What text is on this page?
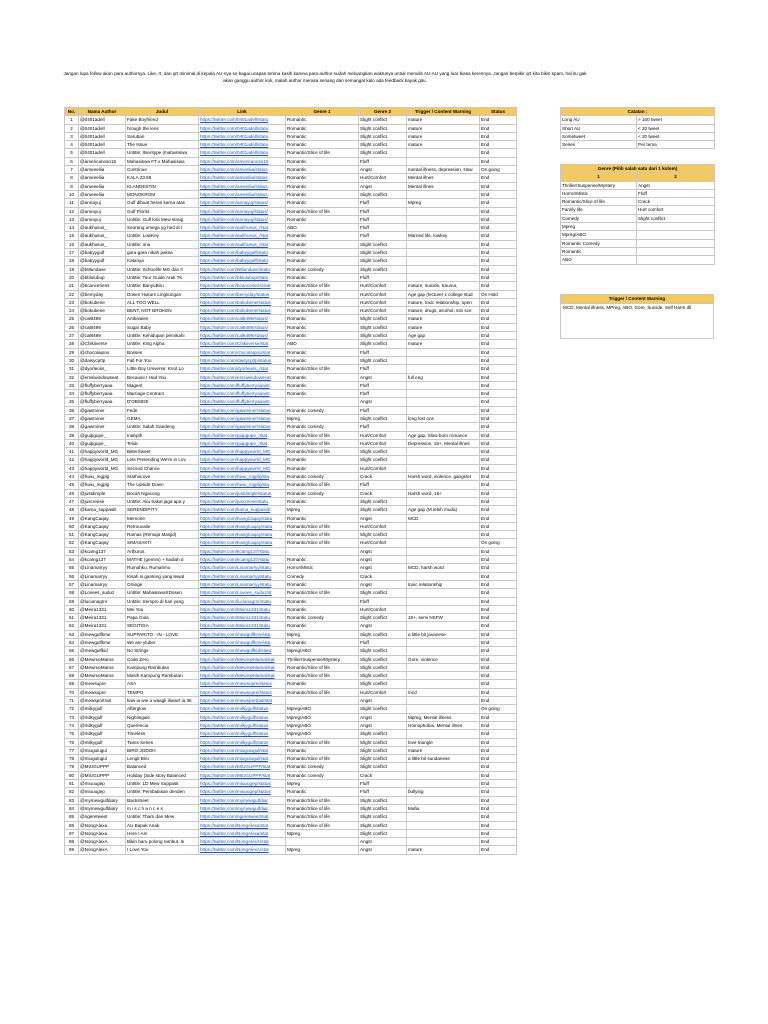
Jangan lupa follow akun para authornya. Like, rt, dan qrt minimal di kepala AU-nya se bagai ucapan terima kasih karena para author sudah meluangkan waktunya untuk menulis AU-AU yang luar biasa kerennya. Jangan berpikir qrt kita bikin spam, hal itu gak akan ganggu author kok, malah author merasa senang dan semangat kalo ada feedback kayak gitu.
No.	Nama Author	Judul	Link	Genre 1	Genre 2	Trigger / Content Warning	Status
1	@0401adell	Fake Boyfriend	https://twitter.com/0401adell/statu	Romantic	Slight conflict	mature	End
2	@0401adell	hrough the lens	https://twitter.com/0401adell/statu	Romantic	Slight conflict	mature	End
3	@0401adell	Sarubari	https://twitter.com/0401adell/statu	Romantic	Slight conflict	mature	End
4	@0401adell	The Issue	https://twitter.com/0401adell/statu	Romantic	Slight conflict	mature	End
5	@0401adell	Untitle: Itsentype (mahasiswa	https://twitter.com/0401adell/statu	Romantic/Slice of life	Slight conflict		End
6	@americanoso15	Mahasiswa FT x Mahasiswa	https://twitter.com/americanoso15	Romantic	Fluff		End
7	@ameeeliia	Contrinue	https://twitter.com/ameeliia/status	Romantic	Angst	mental illness, depression, slow	On going
8	@ameeeliia	KALA 23.59	https://twitter.com/ameeliia/status	Romantic	Hurt/Comfort	Mental illnes	End
9	@ameeeliia	KLANDESTIN	https://twitter.com/ameeliia/status	Romantic	Angst	Mental illnes	End
10	@ameeeliia	MONOKROM	https://twitter.com/ameeliia/status	Romantic	Slight conflict		End
11	@annayuj	Gulf dibuat heran karna atas	https://twitter.com/annayuj/status/	Romantic	Fluff	Mpreg	End
12	@annayuj	Gulf Florist	https://twitter.com/annayuj/status/	Romantic/Slice of life	Fluff		End
13	@annayuj	Untitle: Gulf kira Mew straig	https://twitter.com/annayuj/status/	Romantic	Fluff		End
14	@aukhusus_	Seorang omega yg hed di t	https://twitter.com/aukhusus_/stat	ABO	Fluff		End
15	@aukhusus_	Untitle: LowKey	https://twitter.com/aukhusus_/stat	Romantic	Fluff	Married life, lowkey	End
16	@aukhusus_	Untitle: ona	https://twitter.com/aukhusus_/stat	Romantic	Slight conflict		End
17	@babyygulf	gara-gara nikah paksa	https://twitter.com/babyygulf/statu	Romantic	Slight conflict		End
18	@babyygulf	Katanya	https://twitter.com/babyygulf/statu	Romantic	Slight conflict		End
19	@b8lundave	Untitle: Schoolife MG dan Il	https://twitter.com/B8lundave/statu	Romantic comedy	Slight conflict		End
20	@bblulubup	Untitle: Tour Guide Arak TK	https://twitter.com/bblulubup/statu	Romantic	Fluff		End
21	@bcanceriens	Untitle: BanyuBiru	https://twitter.com/bcanceriens/stat	Romantic/Slice of life	Hurt/Comfort	mature, suicide, trauma,	End
22	@bemyday	Dosen Hukum Lingkungan	https://twitter.com/bemyday/status	Romantic/Slice of life	Hurt/Comfort	Age gap (lecturer x college stud	On Hold
23	@bokubene	ALL TOO WELL	https://twitter.com/bokubene/status	Romantic/Slice of life	Hurt/Comfort	mature, toxic relationship, open	End
24	@bokubene	BENT, NOT BROKEN	https://twitter.com/bokubene/status	Romantic/Slice of life	Hurt/Comfort	mature, drugs, alcohol, s3x sce	End
25	@cal8499	Ambivalen	https://twitter.com/cal8499/status/	Romantic	Slight conflict	mature	End
26	@cal8499	Sugar Baby	https://twitter.com/cal8499/status/	Romantic	Slight conflict	mature	End
27	@cal8499	Untitle: Kehidupan pernikahi	https://twitter.com/cal8499/status/	Romantic	Slight conflict	Age gap	End
28	@Chikiiverse	Untitle: King Alpha	https://twitter.com/Chikiiverse/stat	ABO	Slight conflict	mature	End
29	@chocolaipoo	Bosses	https://twitter.com/chocolaipoo/stat	Romantic	Fluff		End
30	@daisycp0p	Fall For You	https://twitter.com/daisycp0p/status	Romantic	Slight conflict		End
31	@dyorleuss_	Little Boy Universe: Knot Lo	https://twitter.com/dyorleuss_/stat	Romantic/Slice of life	Fluff		End
32	@emsiwindowseat	Because I Had You	https://twitter.com/emsiwindowseat	Romantic	Angst	full eng	End
33	@fluffyberryaaa	Magent	https://twitter.com/fluffyberryaaa/st	Romantic	Fluff		End
34	@fluffyberryaaa	Marriage Contract	https://twitter.com/fluffyberryaaa/st	Romantic	Fluff		End
35	@fluffyberryaaa	D'OBSIDE	https://twitter.com/fluffyberryaaa/st		Angst		End
36	@gawminer	Fede	https://twitter.com/gawminer/status	Romantic comedy	Fluff		End
37	@gawminer	GEMA	https://twitter.com/gawminer/status	Mpreg	Slight conflict	long lost ons	End
38	@gawminer	Untitle: Salah Gandeng	https://twitter.com/gawminer/status	Romantic comedy	Fluff		End
39	@guipgupe_	Indepth	https://twitter.com/guipgupe_/stat	Romantic/Slice of life	Hurt/Comfort	Age gap, Slow burn romance	End
40	@guipgupe_	Teluk	https://twitter.com/guipgupe_/stat	Romantic/Slice of life	Hurt/Comfort	Depression, 18+, Mental illnes	End
41	@happyworld_MG	BitterSweet	https://twitter.com/happyworld_MG	Romantic/Slice of life	Slight conflict		End
42	@happyworld_MG	Lets Pretending We're in Lov	https://twitter.com/happyworld_MG	Romantic	Slight conflict		End
43	@happyworld_MG	Second Chance	https://twitter.com/happyworld_MG	Romantic	Hurt/Comfort		End
44	@hwiu_mgplg	StathoLove	https://twitter.com/hwiu_mgplg/sta	Romantic comedy	Crack	Harsh word, violence, gangster	End
45	@hwiu_mgplg	The Upside Down	https://twitter.com/hwiu_mgplg/sta	Romantic/Slice of life	Fluff		End
46	@justdimple	Bocah Ngacong	https://twitter.com/justdimple/status	Romantic comedy	Crack	Harsh word, 18+	End
47	@juscreese	Untitle: Aku bakal jaga apa y	https://twitter.com/juscreese/statu	Romantic	Slight conflict		End
48	@kama_suppasiit	SERENDIPITY	https://twitter.com/kama_suppasiit/	Mpreg	Slight conflict	Age gap (M lebih muda)	End
49	@KangCaqay	Memoire	https://twitter.com/KangCaqay/statu	Romantic	Angst	MCD	End
50	@KangCaqay	Retrouvaile	https://twitter.com/KangCaqay/statu	Romantic/Slice of life	Hurt/Comfort		End
51	@KangCaqay	Ramas (Remaja Masjid)	https://twitter.com/KangCaqay/statu	Romantic/Slice of life	Slight conflict		End
52	@KangCaqay	SIMASAKTI	https://twitter.com/KangCaqay/statu	Romantic/Slice of life	Hurt/Comfort		On going
53	@kcamg137	Arthurus	https://twitter.com/kcamg137/statu		Angst		End
54	@kcamg137	MATHE (gemini) + hadiah d	https://twitter.com/kcamg137/statu	Romantic	Angst		End
55	@Linamarryy	Rumahku, Rumahmu	https://twitter.com/Linamarryy/statu	Horror/Mistic	Angst	MCD, harsh word	End
56	@Linamarryy	Kisah si ganteng yang lewat	https://twitter.com/Linamarryy/statu	Comedy	Crack		End
57	@Linamarryy	Orange	https://twitter.com/Linamarryy/statu	Romantic	Angst	toxic relationship	End
58	@Lovees_suduz	Untitle: MahasiswaXDosen	https://twitter.com/Lovees_suduz/st	Romantic/Slice of life	Slight conflict		End
59	@lucianagrnr	Untitle: Sempro di hari yang	https://twitter.com/lucianagrnr/statu	Romantic	Fluff		End
60	@Meira1331	Mei You	https://twitter.com/Meira1331/statu	Romantic	Hurt/Comfort		End
61	@Meira1331	Papa Gula	https://twitter.com/Meira1331/statu	Romantic comedy	Slight conflict	18+, semi NSFW	End
62	@Meira1331	SEGITIGA	https://twitter.com/Meira1331/statu	Romantic	Angst		End
63	@mewgulfkme	SUPPARITO - IN - LOVE	https://twitter.com/mewgulfkme/sta	Mpreg	Slight conflict	a little bit javanese	End
64	@mewgulfkme	We are yluber	https://twitter.com/mewgulfkme/sta	Romantic	Fluff		End
65	@mewgulfkid	No Strings	https://twitter.com/mewgulfkid/statu	Mpreg/ABO	Slight conflict		End
66	@MewmeMama	Code Zero	https://twitter.com/MewmeMama/stat	Thriller/Suspense/Mystery	Slight conflict	Gore, violence	End
67	@MewmeMama	Kampung Rambutan	https://twitter.com/MewmeMama/stat	Romantic/Slice of life	Slight conflict		End
68	@MewmeMama	Masih Kampung Rambutan	https://twitter.com/MewmeMama/stat	Romantic/Slice of life	Slight conflict		End
69	@mewsupre	ASA	https://twitter.com/mewsupre/status	Romantic	Slight conflict		End
70	@mewsupre	TEMPO	https://twitter.com/mewsupre/status	Romantic/Slice of life	Hurt/Comfort	mcd	End
71	@mewsportrait	kaw ia wie a waagli iliwairt ia 36	https://twitter.com/mewsportrait/stat		Angst		End
72	@milkygulf	Afterglow	https://twitter.com/milkygulf/status	Mpreg/ABO	Slight conflict		On going
73	@milkygulf	Nightingale	https://twitter.com/milkygulf/status	Mpreg/ABO	Angst	Mpreg, Mental illness	End
74	@milkygulf	Querencia	https://twitter.com/milkygulf/status	Mpreg/ABO	Angst	Homophobia, Mental illnes	End
75	@milkygulf	Timeless	https://twitter.com/milkygulf/status	Mpreg/ABO	Slight conflict		End
76	@milkygulf	Twins Series	https://twitter.com/milkygulf/status	Romantic/Slice of life	Slight conflict	love triangle	End
77	@miugulugul	BIRO JODOH	https://twitter.com/miugulugul/stat	Romantic	Slight conflict	mature	End
78	@miugulugul	Lengit Biru	https://twitter.com/miugulugul/stat	Romantic/Slice of life	Slight conflict	a little bit sundanese	End
79	@MIUGUPPP	Balanced	https://twitter.com/MIUGUPPP/stat	Romantic comedy	Slight conflict		End
80	@MIUGUPPP	Holiday (Side story Balanced	https://twitter.com/MIUGUPPP/stat	Romantic comedy	Crack		End
81	@miuuugep	Untitle: LD Mew Suppasit	https://twitter.com/miuuugep/status	Mpreg	Fluff		End
82	@miuuugep	Untitle: Pembalasan denden	https://twitter.com/miuuugep/status	Romantic	Fluff	bullying	End
83	@mymewgulfdiary	Backstreet	https://twitter.com/mymewgulfdiar	Romantic/Slice of life	Slight conflict		End
84	@mymewgulfdiary	m i s c h a n c e s	https://twitter.com/mymewgulfdiar	Romantic/Slice of life	Slight conflict	Mafia	End
85	@ngeretweet	Untitle: Tham dan Mew	https://twitter.com/ngeretweet/stat	Romantic/Slice of life	Slight conflict		End
86	@NongAlexa	AU Bapak Anak	https://twitter.com/NongAlexa/stat	Romantic/Slice of life	Slight conflict		End
87	@NongAlexa	Here I Am	https://twitter.com/NongAlexa/stat	Mpreg	Slight conflict		End
88	@NongAlexA	Bikin baru polong rambut, le	https://twitter.com/NongAlexA/stat		Angst		End
89	@NongAlexA	I Love You	https://twitter.com/NongAlexA/stat	Mpreg	Angst	mature	End
Catatan :	
Long AU	> 100 tweet
Short AU	< 20 tweet
Sometweet	< 20 tweet
Series	Per tema
Genre (Pilih salah satu dari 1 kolom)	
1	2
Thriller/Suspense/Mystery	Angst
Horror/Mistic	Fluff
Romantic/Slice of life	Crack
Family life	Hurt comfort
Comedy	Slight conflict
Mpreg	
Mpreg/ABO	
Romantic Comedy	
Romantic	
ABO	
Trigger / Content Warning
MCD, Mental illness, MPreg, ABO, Gore, Suicide, Self Harm dll
